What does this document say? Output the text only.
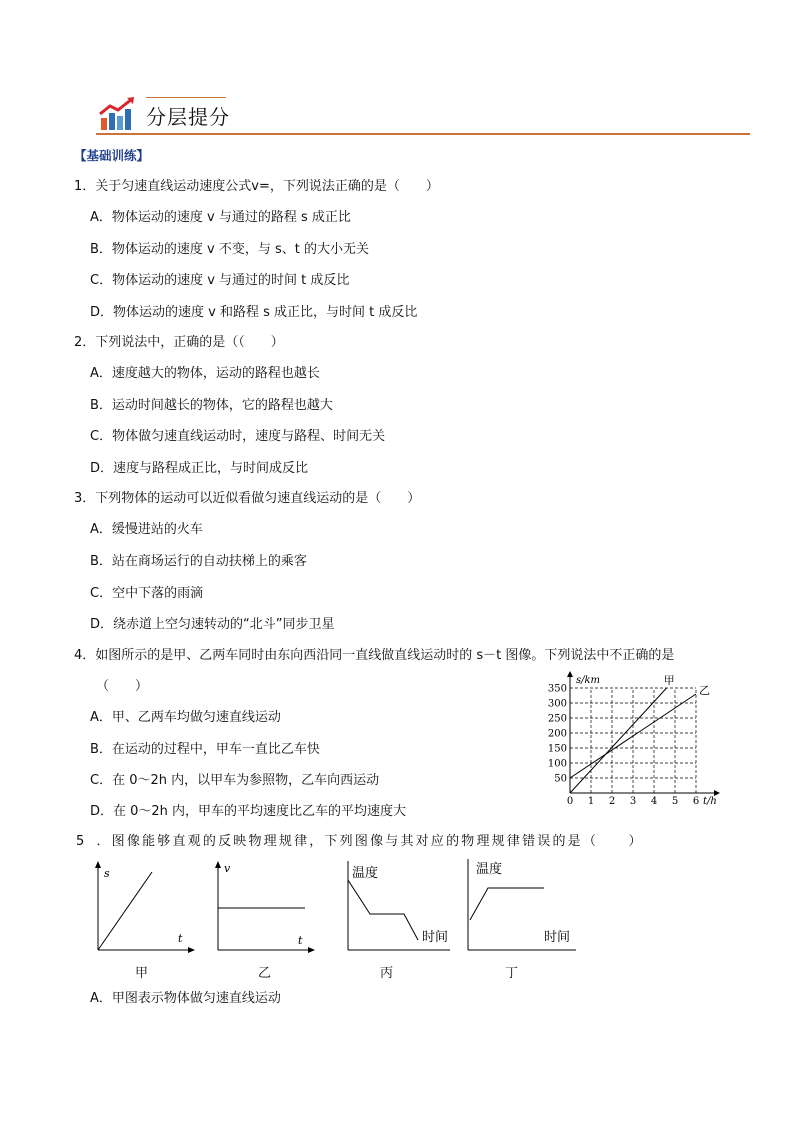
分层提分
【基础训练】
1．关于匀速直线运动速度公式v=，下列说法正确的是（　　）
A．物体运动的速度 v 与通过的路程 s 成正比
B．物体运动的速度 v 不变，与 s、t 的大小无关
C．物体运动的速度 v 与通过的时间 t 成反比
D．物体运动的速度 v 和路程 s 成正比，与时间 t 成反比
2．下列说法中，正确的是（（　　）
A．速度越大的物体，运动的路程也越长
B．运动时间越长的物体，它的路程也越大
C．物体做匀速直线运动时，速度与路程、时间无关
D．速度与路程成正比，与时间成反比
3．下列物体的运动可以近似看做匀速直线运动的是（　　）
A．缓慢进站的火车
B．站在商场运行的自动扶梯上的乘客
C．空中下落的雨滴
D．绕赤道上空匀速转动的“北斗”同步卫星
4．如图所示的是甲、乙两车同时由东向西沿同一直线做直线运动时的 s－t 图像。下列说法中不正确的是
（　　）
A．甲、乙两车均做匀速直线运动
B．在运动的过程中，甲车一直比乙车快
C．在 0～2h 内，以甲车为参照物，乙车向西运动
D．在 0～2h 内，甲车的平均速度比乙车的平均速度大
s/km
t/h
0 1 2 3 4 5 6
50
100
150
200
250
300
350
甲
乙
5 ．图像能够直观的反映物理规律，下列图像与其对应的物理规律错误的是（　　）
s
t
甲
v
t
乙
温度
时间
丙
温度
时间
丁
A．甲图表示物体做匀速直线运动
